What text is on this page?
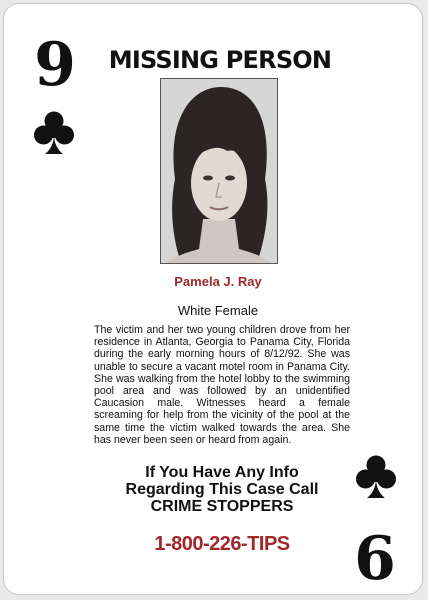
9	MISSING PERSON
Pamela J. Ray
White Female
The victim and her two young children drove from her residence in Atlanta, Georgia to Panama City, Florida during the early morning hours of 8/12/92. She was unable to secure a vacant motel room in Panama City. She was walking from the hotel lobby to the swimming pool area and was followed by an unidentified Caucasion male. Witnesses heard a female screaming for help from the vicinity of the pool at the same time the victim walked towards the area. She has never been seen or heard from again.
If You Have Any Info
Regarding This Case Call
CRIME STOPPERS
1-800-226-TIPS	6
